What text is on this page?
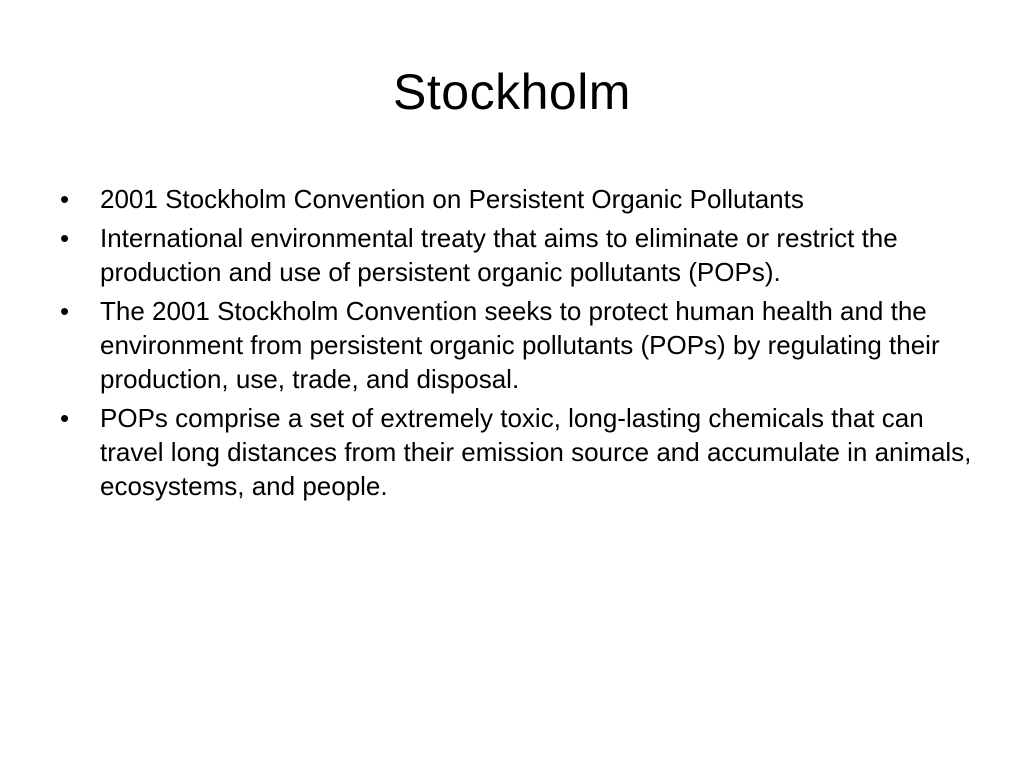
Stockholm
•	2001 Stockholm Convention on Persistent Organic Pollutants
•	International environmental treaty that aims to eliminate or restrict the production and use of persistent organic pollutants (POPs).
•	The 2001 Stockholm Convention seeks to protect human health and the environment from persistent organic pollutants (POPs) by regulating their production, use, trade, and disposal.
•	POPs comprise a set of extremely toxic, long-lasting chemicals that can travel long distances from their emission source and accumulate in animals, ecosystems, and people.
